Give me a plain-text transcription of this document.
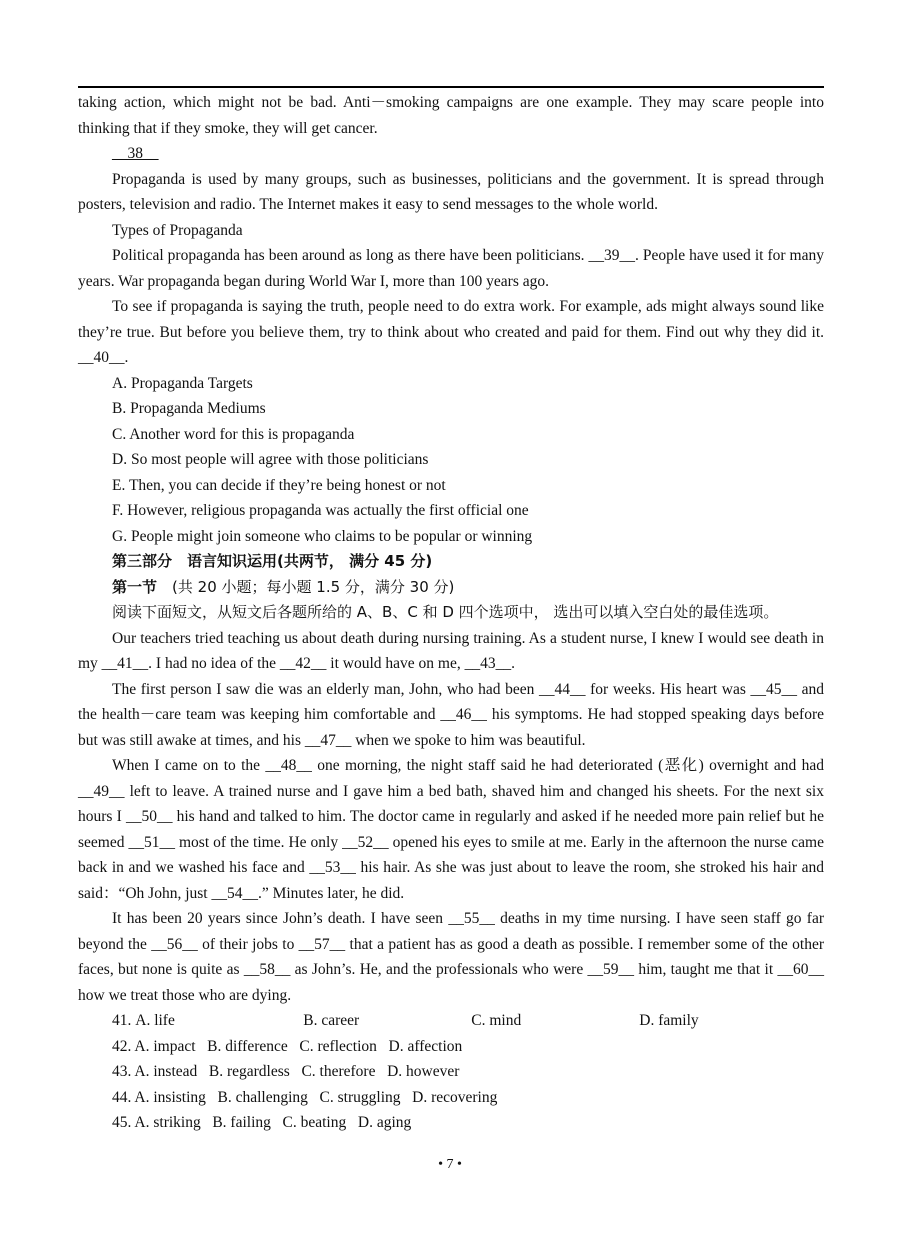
taking action, which might not be bad. Anti－smoking campaigns are one example. They may scare people into thinking that if they smoke, they will get cancer.

__38__

Propaganda is used by many groups, such as businesses, politicians and the government. It is spread through posters, television and radio. The Internet makes it easy to send messages to the whole world.

Types of Propaganda

Political propaganda has been around as long as there have been politicians. __39__. People have used it for many years. War propaganda began during World War I, more than 100 years ago.

To see if propaganda is saying the truth, people need to do extra work. For example, ads might always sound like they’re true. But before you believe them, try to think about who created and paid for them. Find out why they did it. __40__.

A. Propaganda Targets

B. Propaganda Mediums

C. Another word for this is propaganda

D. So most people will agree with those politicians

E. Then, you can decide if they’re being honest or not

F. However, religious propaganda was actually the first official one

G. People might join someone who claims to be popular or winning

第三部分　语言知识运用(共两节， 满分 45 分)

第一节　 (共 20 小题；每小题 1.5 分，满分 30 分)

阅读下面短文，从短文后各题所给的 A、B、C 和 D 四个选项中， 选出可以填入空白处的最佳选项。

Our teachers tried teaching us about death during nursing training. As a student nurse, I knew I would see death in my __41__. I had no idea of the __42__ it would have on me, __43__.

The first person I saw die was an elderly man, John, who had been __44__ for weeks. His heart was __45__ and the health－care team was keeping him comfortable and __46__ his symptoms. He had stopped speaking days before but was still awake at times, and his __47__ when we spoke to him was beautiful.

When I came on to the __48__ one morning, the night staff said he had deteriorated (恶化) overnight and had __49__ left to leave. A trained nurse and I gave him a bed bath, shaved him and changed his sheets. For the next six hours I __50__ his hand and talked to him. The doctor came in regularly and asked if he needed more pain relief but he seemed __51__ most of the time. He only __52__ opened his eyes to smile at me. Early in the afternoon the nurse came back in and we washed his face and __53__ his hair. As she was just about to leave the room, she stroked his hair and said：“Oh John, just __54__.” Minutes later, he did.

It has been 20 years since John’s death. I have seen __55__ deaths in my time nursing. I have seen staff go far beyond the __56__ of their jobs to __57__ that a patient has as good a death as possible. I remember some of the other faces, but none is quite as __58__ as John’s. He, and the professionals who were __59__ him, taught me that it __60__ how we treat those who are dying.

41. A. life	B. career	C. mind	D. family

42. A. impact B. difference C. reflection D. affection

43. A. instead B. regardless C. therefore D. however

44. A. insisting B. challenging C. struggling D. recovering

45. A. striking B. failing C. beating D. aging

• 7 •
